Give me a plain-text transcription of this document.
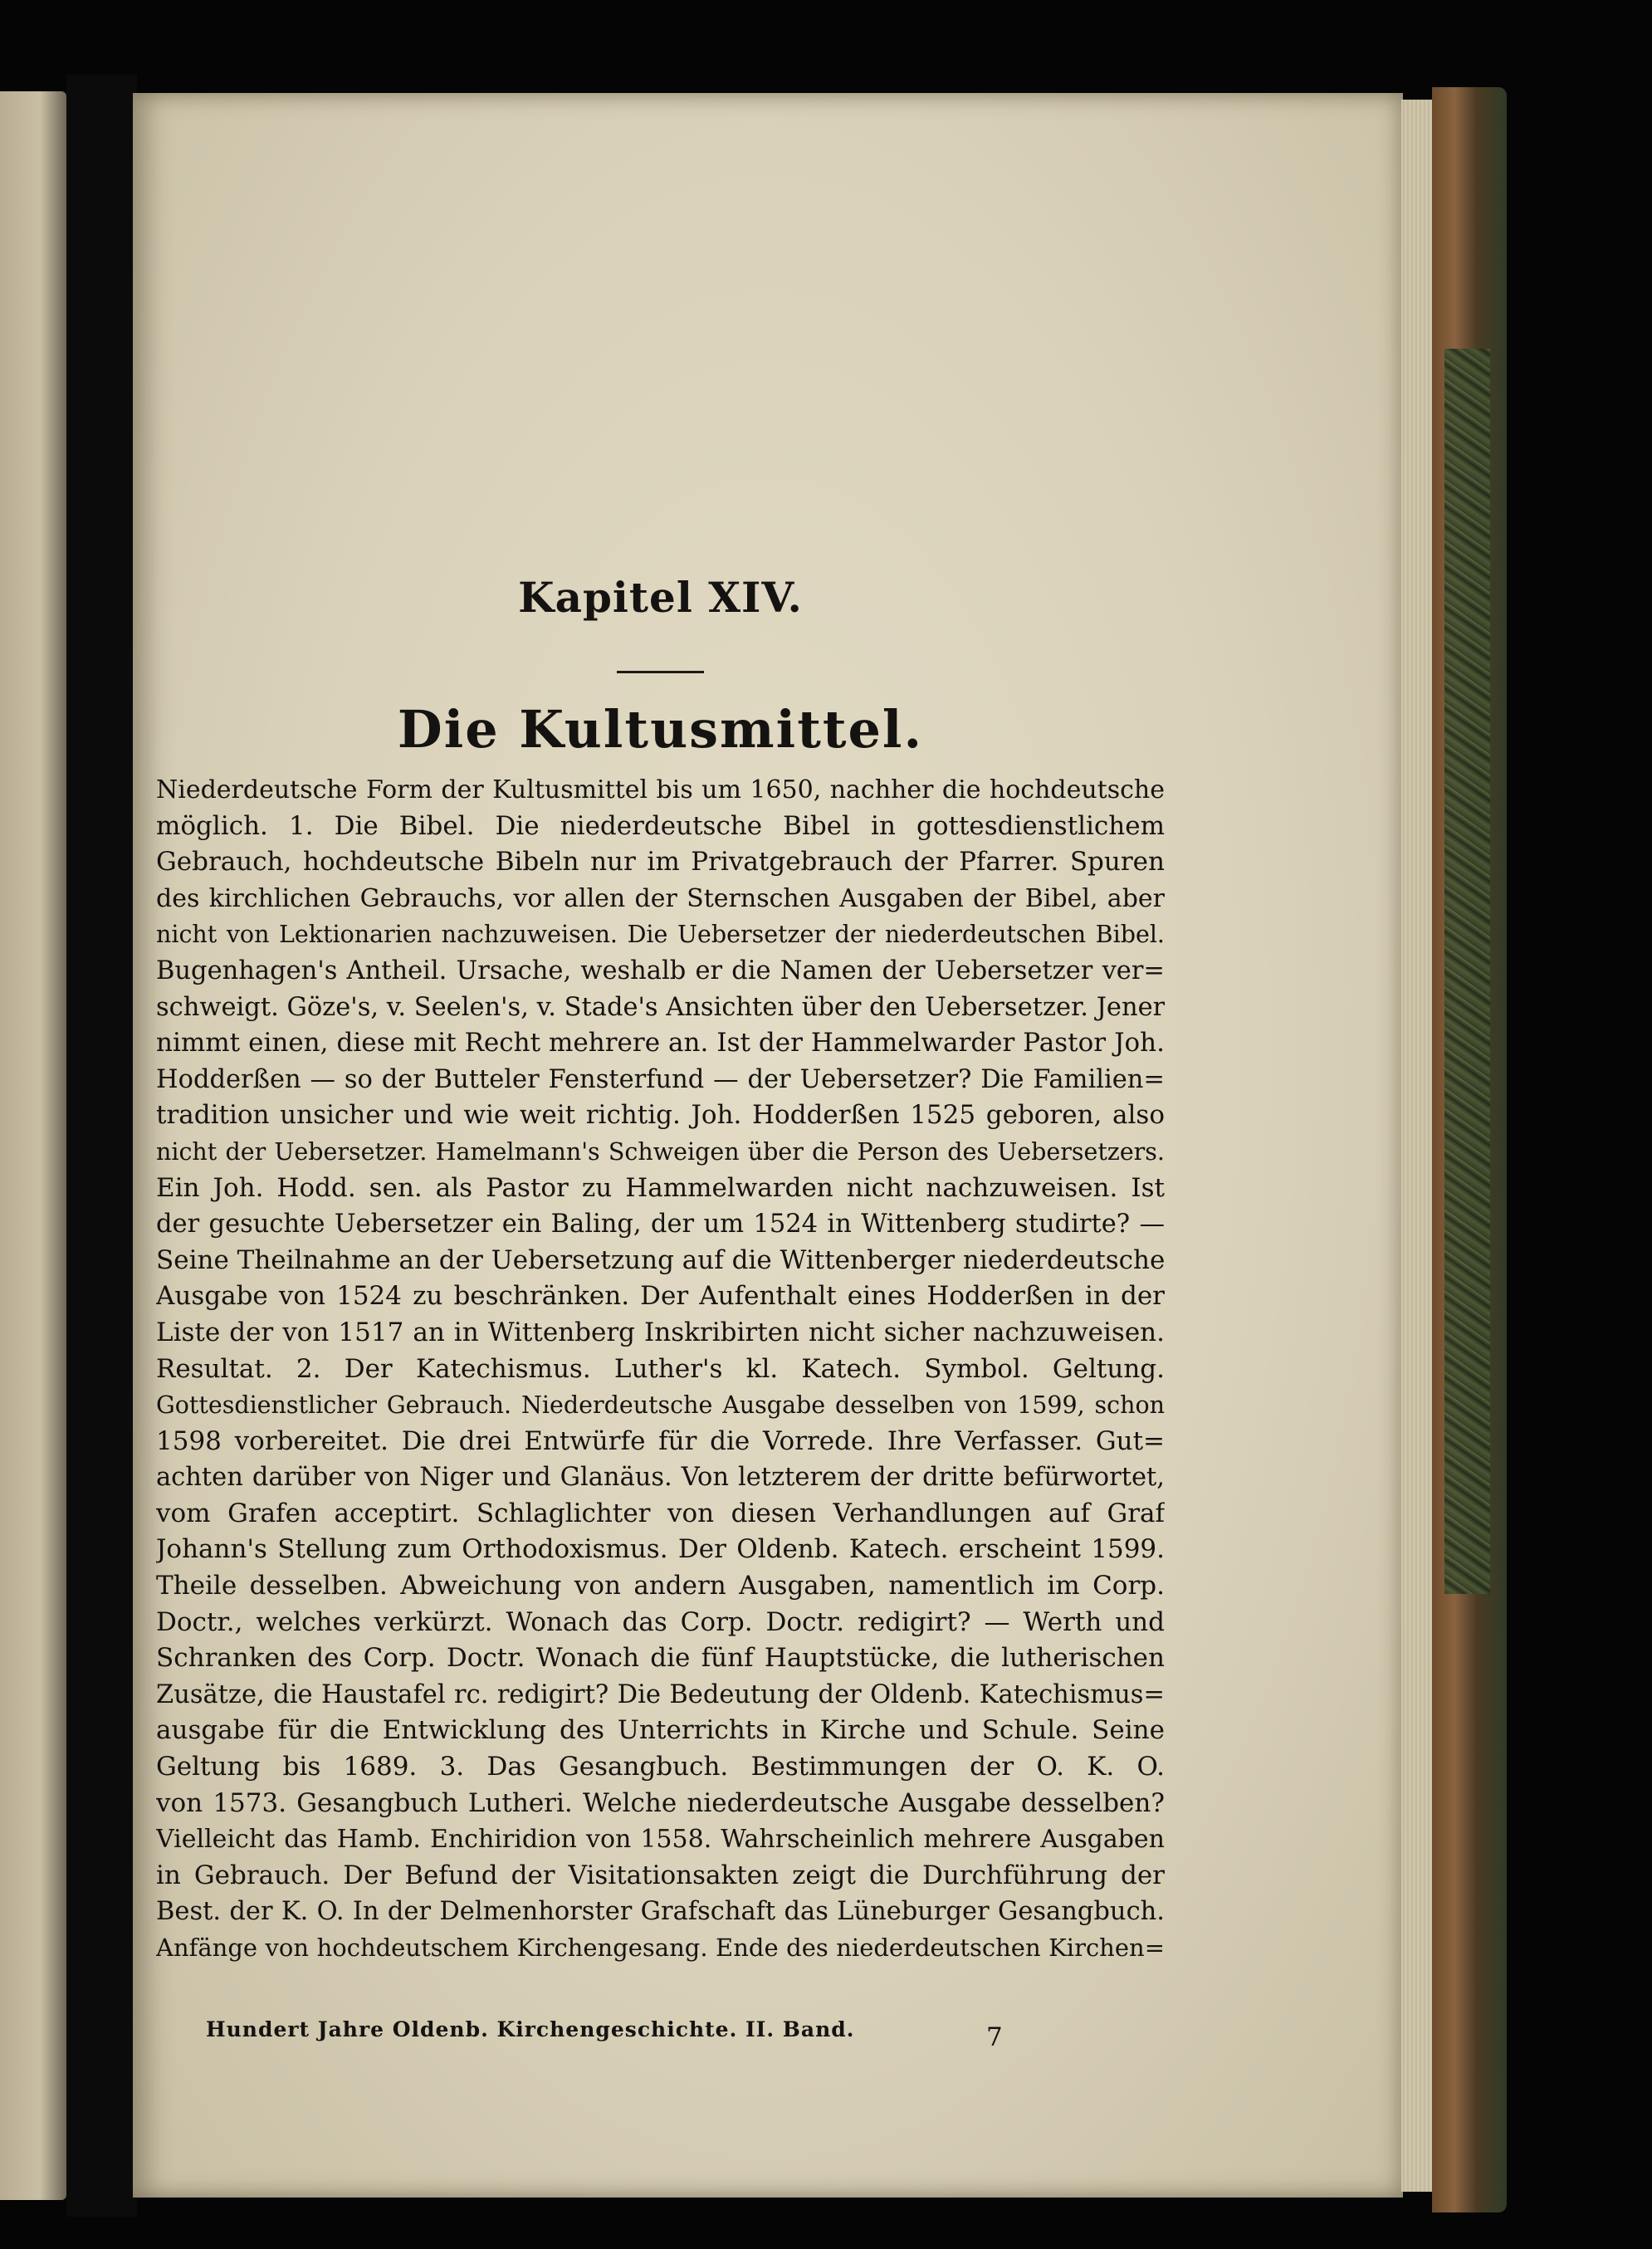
Kapitel XIV.
Die Kultusmittel.
Niederdeutsche Form der Kultusmittel bis um 1650, nachher die hochdeutsche
möglich. 1. Die Bibel. Die niederdeutsche Bibel in gottesdienstlichem
Gebrauch, hochdeutsche Bibeln nur im Privatgebrauch der Pfarrer. Spuren
des kirchlichen Gebrauchs, vor allen der Sternschen Ausgaben der Bibel, aber
nicht von Lektionarien nachzuweisen. Die Uebersetzer der niederdeutschen Bibel.
Bugenhagen's Antheil. Ursache, weshalb er die Namen der Uebersetzer ver=
schweigt. Göze's, v. Seelen's, v. Stade's Ansichten über den Uebersetzer. Jener
nimmt einen, diese mit Recht mehrere an. Ist der Hammelwarder Pastor Joh.
Hodderßen — so der Butteler Fensterfund — der Uebersetzer? Die Familien=
tradition unsicher und wie weit richtig. Joh. Hodderßen 1525 geboren, also
nicht der Uebersetzer. Hamelmann's Schweigen über die Person des Uebersetzers.
Ein Joh. Hodd. sen. als Pastor zu Hammelwarden nicht nachzuweisen. Ist
der gesuchte Uebersetzer ein Baling, der um 1524 in Wittenberg studirte? —
Seine Theilnahme an der Uebersetzung auf die Wittenberger niederdeutsche
Ausgabe von 1524 zu beschränken. Der Aufenthalt eines Hodderßen in der
Liste der von 1517 an in Wittenberg Inskribirten nicht sicher nachzuweisen.
Resultat. 2. Der Katechismus. Luther's kl. Katech. Symbol. Geltung.
Gottesdienstlicher Gebrauch. Niederdeutsche Ausgabe desselben von 1599, schon
1598 vorbereitet. Die drei Entwürfe für die Vorrede. Ihre Verfasser. Gut=
achten darüber von Niger und Glanäus. Von letzterem der dritte befürwortet,
vom Grafen acceptirt. Schlaglichter von diesen Verhandlungen auf Graf
Johann's Stellung zum Orthodoxismus. Der Oldenb. Katech. erscheint 1599.
Theile desselben. Abweichung von andern Ausgaben, namentlich im Corp.
Doctr., welches verkürzt. Wonach das Corp. Doctr. redigirt? — Werth und
Schranken des Corp. Doctr. Wonach die fünf Hauptstücke, die lutherischen
Zusätze, die Haustafel rc. redigirt? Die Bedeutung der Oldenb. Katechismus=
ausgabe für die Entwicklung des Unterrichts in Kirche und Schule. Seine
Geltung bis 1689. 3. Das Gesangbuch. Bestimmungen der O. K. O.
von 1573. Gesangbuch Lutheri. Welche niederdeutsche Ausgabe desselben?
Vielleicht das Hamb. Enchiridion von 1558. Wahrscheinlich mehrere Ausgaben
in Gebrauch. Der Befund der Visitationsakten zeigt die Durchführung der
Best. der K. O. In der Delmenhorster Grafschaft das Lüneburger Gesangbuch.
Anfänge von hochdeutschem Kirchengesang. Ende des niederdeutschen Kirchen=
Hundert Jahre Oldenb. Kirchengeschichte. II. Band.	7
